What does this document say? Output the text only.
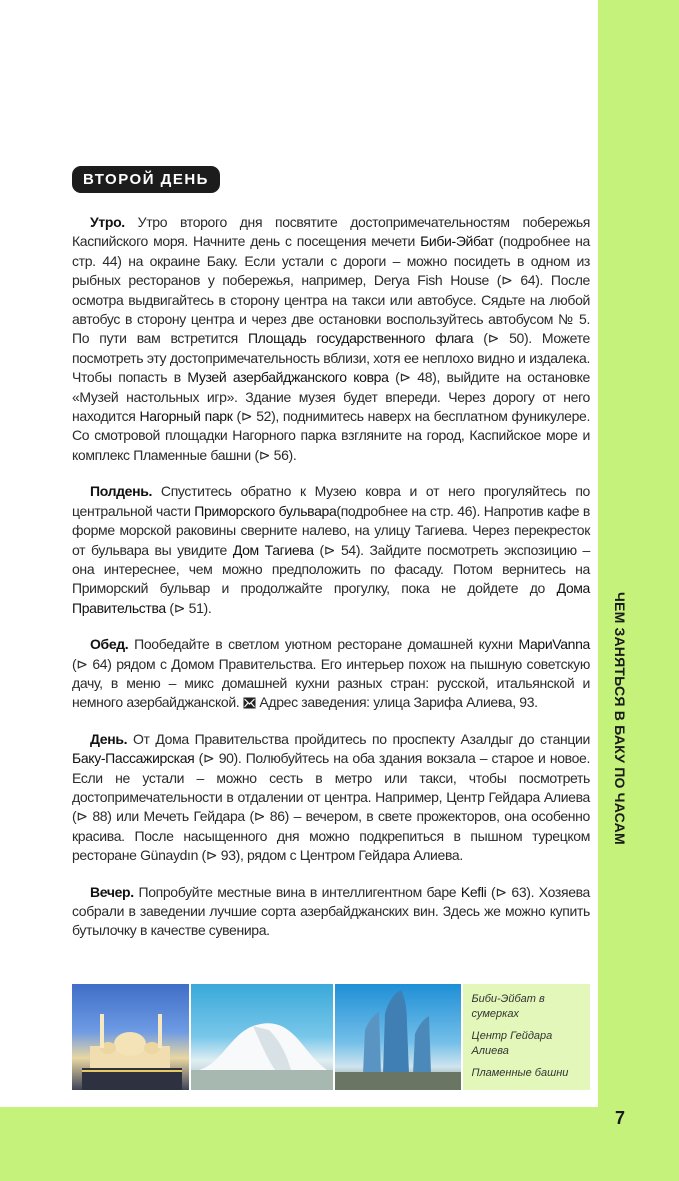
ЧЕМ ЗАНЯТЬСЯ В БАКУ ПО ЧАСАМ
7
ВТОРОЙ ДЕНЬ

Утро. Утро второго дня посвятите достопримечательностям побережья Каспийского моря. Начните день с посещения мечети Биби-Эйбат (подробнее на стр. 44) на окраине Баку. Если устали с дороги – можно посидеть в одном из рыбных ресторанов у побережья, например, Derya Fish House (⊳ 64). После осмотра выдвигайтесь в сторону центра на такси или автобусе. Сядьте на любой автобус в сторону центра и через две остановки воспользуйтесь автобусом № 5. По пути вам встретится Площадь государственного флага (⊳ 50). Можете посмотреть эту достопримечательность вблизи, хотя ее неплохо видно и издалека. Чтобы попасть в Музей азербайджанского ковра (⊳ 48), выйдите на остановке «Музей настольных игр». Здание музея будет впереди. Через дорогу от него находится Нагорный парк (⊳ 52), поднимитесь наверх на бесплатном фуникулере. Со смотровой площадки Нагорного парка взгляните на город, Каспийское море и комплекс Пламенные башни (⊳ 56).

Полдень. Спуститесь обратно к Музею ковра и от него прогуляйтесь по центральной части Приморского бульвара(подробнее на стр. 46). Напротив кафе в форме морской раковины сверните налево, на улицу Тагиева. Через перекресток от бульвара вы увидите Дом Тагиева (⊳ 54). Зайдите посмотреть экспозицию – она интереснее, чем можно предположить по фасаду. Потом вернитесь на Приморский бульвар и продолжайте прогулку, пока не дойдете до Дома Правительства (⊳ 51).

Обед. Пообедайте в светлом уютном ресторане домашней кухни МариVanna (⊳ 64) рядом с Домом Правительства. Его интерьер похож на пышную советскую дачу, в меню – микс домашней кухни разных стран: русской, итальянской и немного азербайджанской.
Адрес заведения: улица Зарифа Алиева, 93.

День. От Дома Правительства пройдитесь по проспекту Азалдыг до станции Баку-Пассажирская (⊳ 90). Полюбуйтесь на оба здания вокзала – старое и новое. Если не устали – можно сесть в метро или такси, чтобы посмотреть достопримечательности в отдалении от центра. Например, Центр Гейдара Алиева (⊳ 88) или Мечеть Гейдара (⊳ 86) – вечером, в свете прожекторов, она особенно красива. После насыщенного дня можно подкрепиться в пышном турецком ресторане Günaydın (⊳ 93), рядом с Центром Гейдара Алиева.

Вечер. Попробуйте местные вина в интеллигентном баре Kefli (⊳ 63). Хозяева собрали в заведении лучшие сорта азербайджанских вин. Здесь же можно купить бутылочку в качестве сувенира.

Биби-Эйбат в сумерках
Центр Гейдара Алиева
Пламенные башни
